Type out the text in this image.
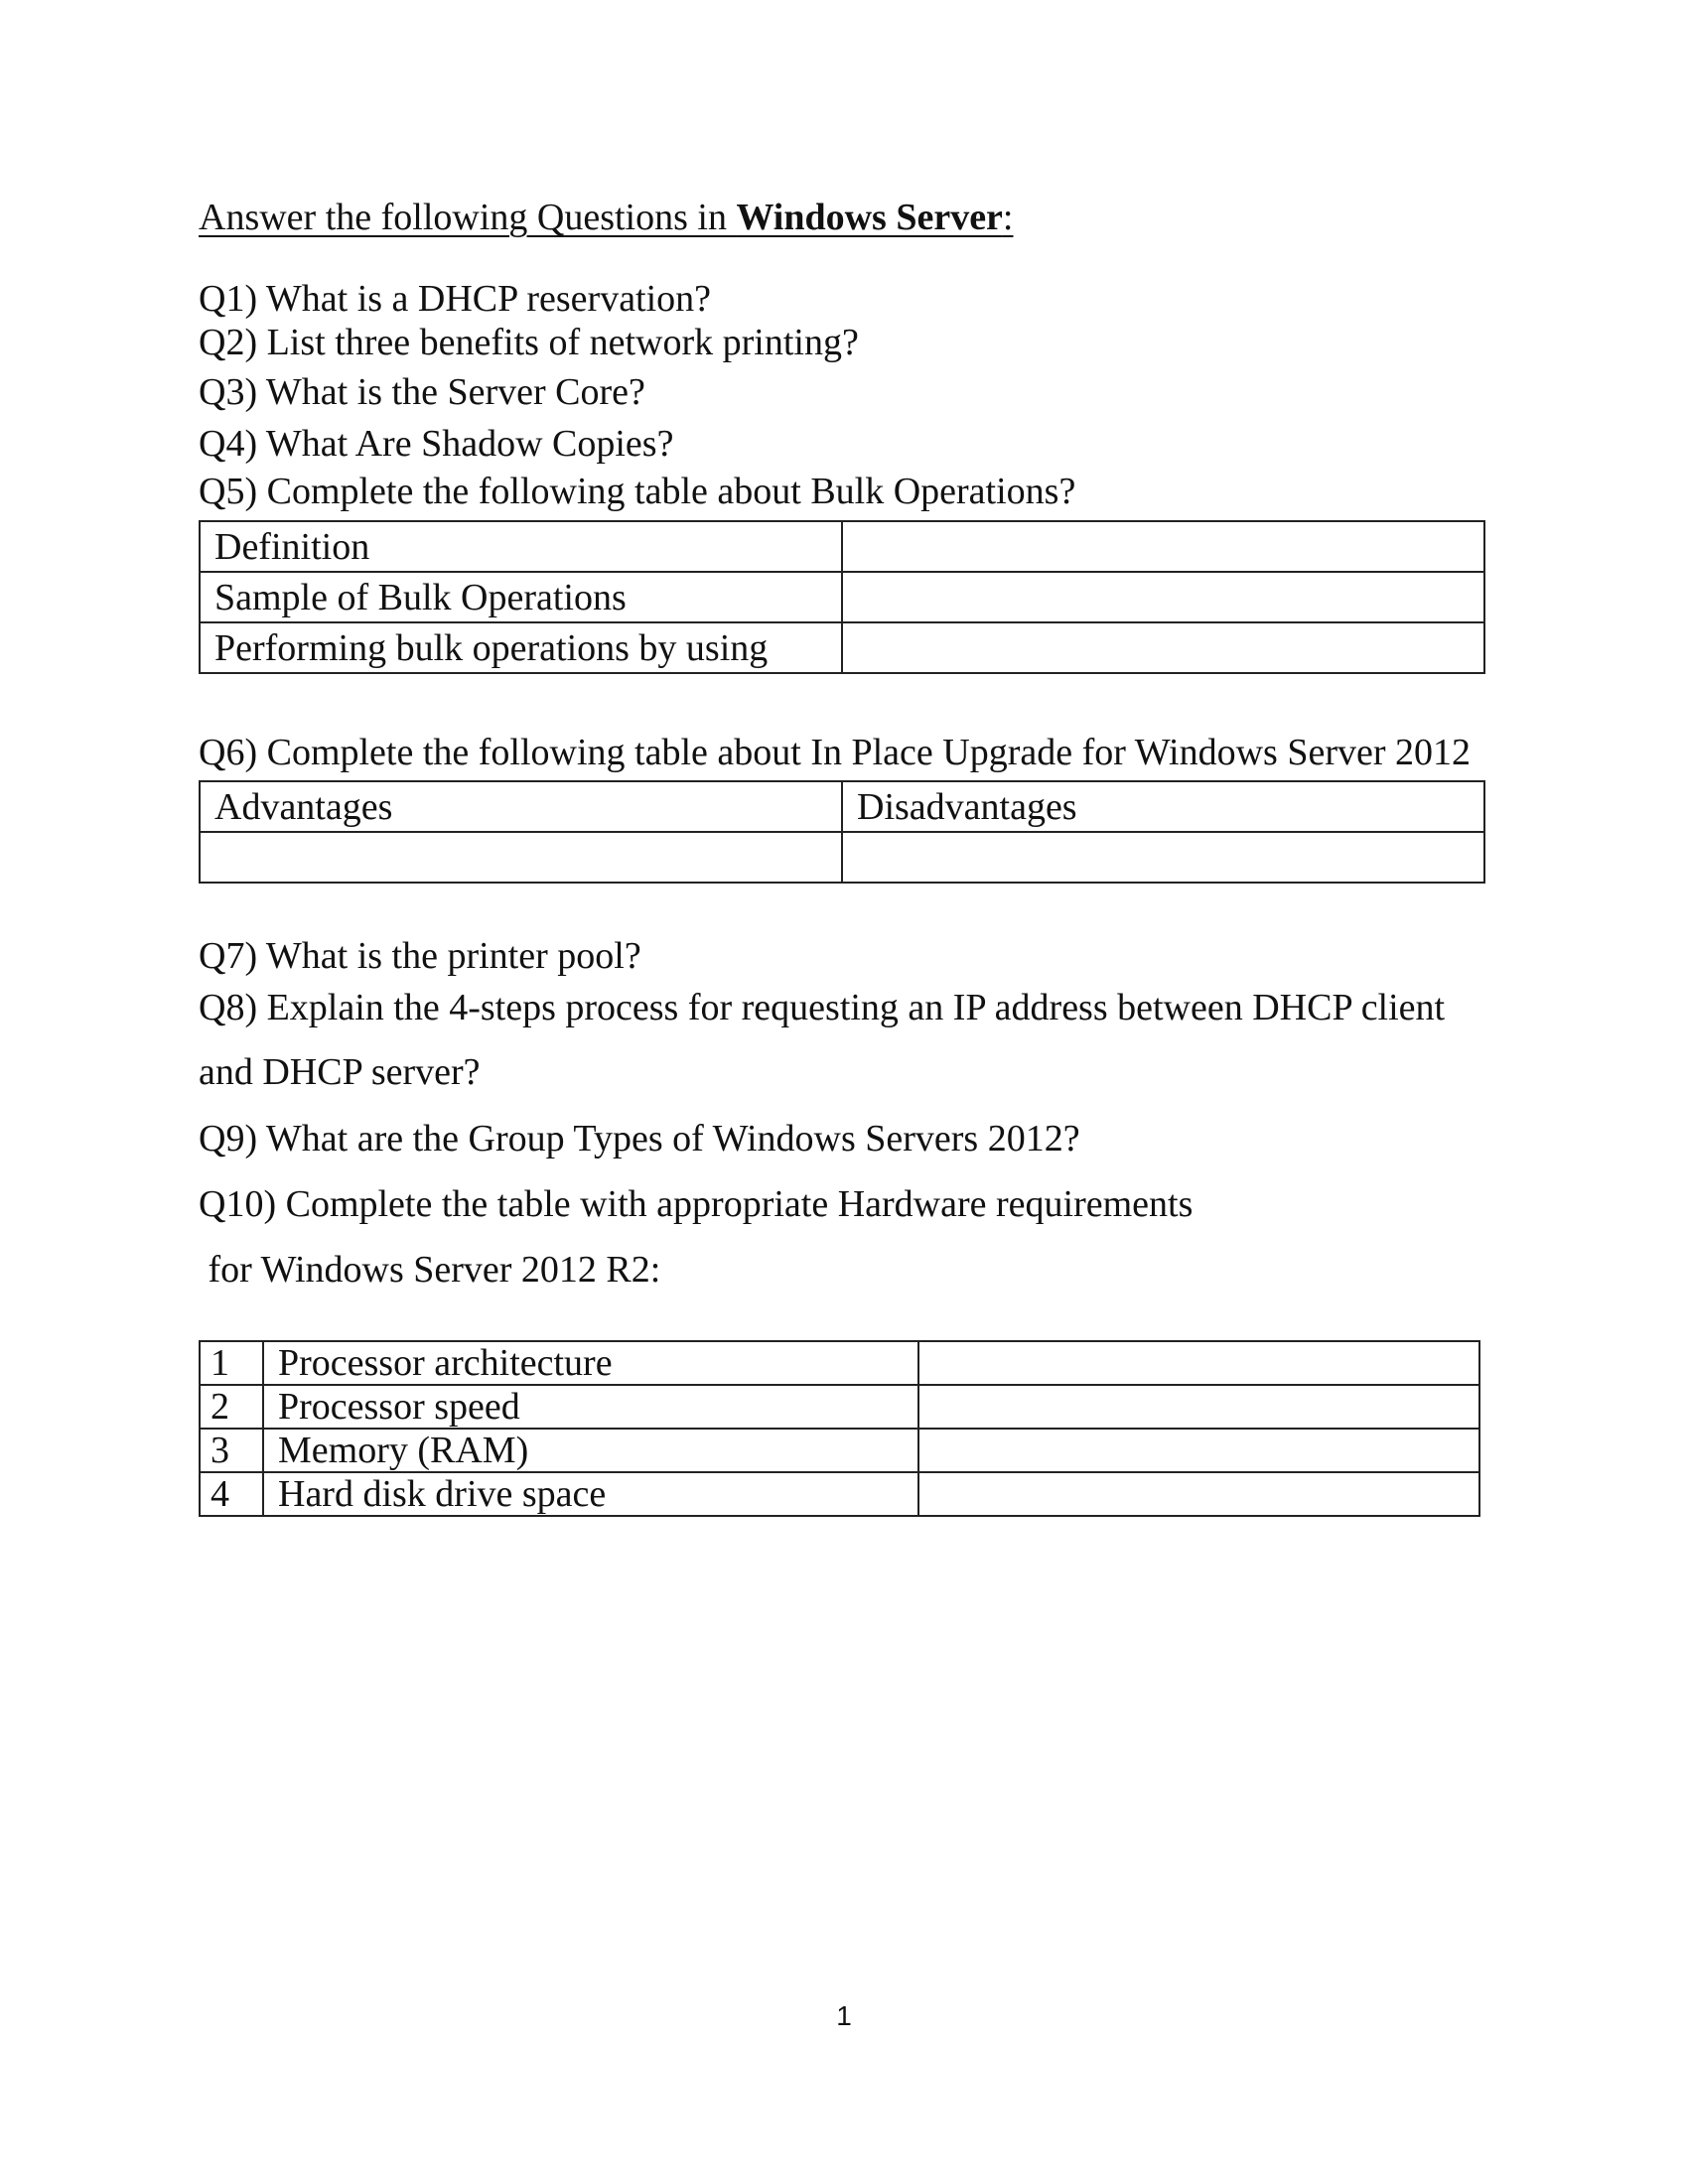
Answer the following Questions in Windows Server:

Q1) What is a DHCP reservation?

Q2) List three benefits of network printing?

Q3) What is the Server Core?

Q4) What Are Shadow Copies?

Q5) Complete the following table about Bulk Operations?

Definition	
Sample of Bulk Operations	
Performing bulk operations by using	

Q6) Complete the following table about In Place Upgrade for Windows Server 2012

Advantages	Disadvantages

Q7) What is the printer pool?

Q8) Explain the 4-steps process for requesting an IP address between DHCP client

and DHCP server?

Q9) What are the Group Types of Windows Servers 2012?

Q10) Complete the table with appropriate Hardware requirements

for Windows Server 2012 R2:

1	Processor architecture	
2	Processor speed	
3	Memory (RAM)	
4	Hard disk drive space	
1
